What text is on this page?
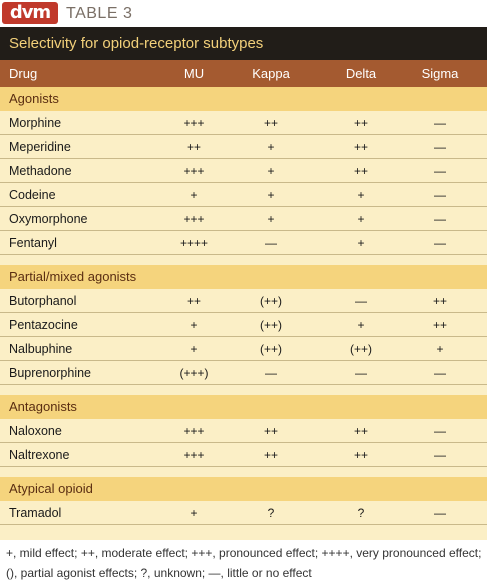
dvm TABLE 3
Selectivity for opiod-receptor subtypes
Drug	MU	Kappa	Delta	Sigma
Agonists
Morphine	+++	++	++	—
Meperidine	++	+	++	—
Methadone	+++	+	++	—
Codeine	+	+	+	—
Oxymorphone	+++	+	+	—
Fentanyl	++++	—	+	—
Partial/mixed agonists
Butorphanol	++	(++)	—	++
Pentazocine	+	(++)	+	++
Nalbuphine	+	(++)	(++)	+
Buprenorphine	(+++)	—	—	—
Antagonists
Naloxone	+++	++	++	—
Naltrexone	+++	++	++	—
Atypical opioid
Tramadol	+	?	?	—
+, mild effect; ++, moderate effect; +++, pronounced effect; ++++, very pronounced effect;
(), partial agonist effects; ?, unknown; —, little or no effect
